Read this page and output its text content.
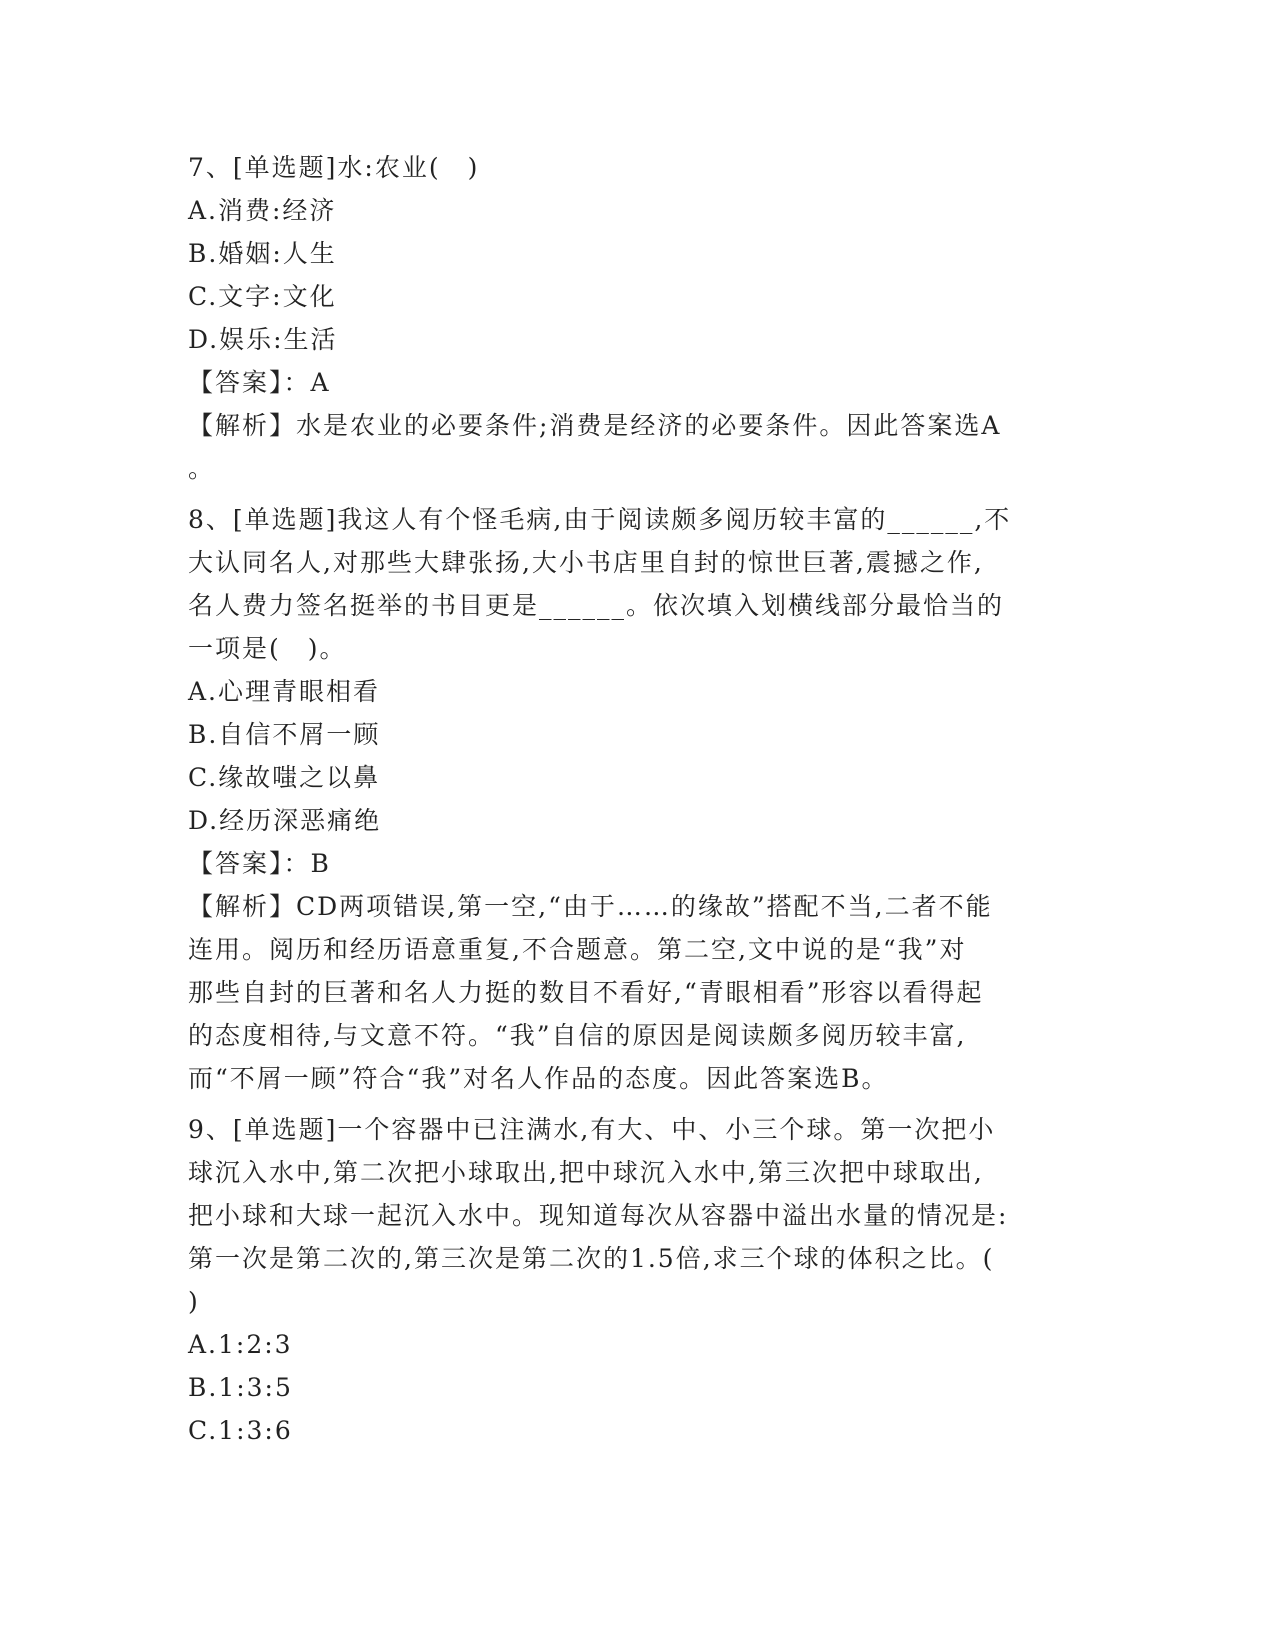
7、[单选题]水:农业(　)
A.消费:经济
B.婚姻:人生
C.文字:文化
D.娱乐:生活
【答案】：A
【解析】水是农业的必要条件;消费是经济的必要条件。因此答案选A
。
8、[单选题]我这人有个怪毛病,由于阅读颇多阅历较丰富的______,不
大认同名人,对那些大肆张扬,大小书店里自封的惊世巨著,震撼之作,
名人费力签名挺举的书目更是______。依次填入划横线部分最恰当的
一项是(　)。
A.心理青眼相看
B.自信不屑一顾
C.缘故嗤之以鼻
D.经历深恶痛绝
【答案】：B
【解析】CD两项错误,第一空,“由于……的缘故”搭配不当,二者不能
连用。阅历和经历语意重复,不合题意。第二空,文中说的是“我”对
那些自封的巨著和名人力挺的数目不看好,“青眼相看”形容以看得起
的态度相待,与文意不符。“我”自信的原因是阅读颇多阅历较丰富,
而“不屑一顾”符合“我”对名人作品的态度。因此答案选B。
9、[单选题]一个容器中已注满水,有大、中、小三个球。第一次把小
球沉入水中,第二次把小球取出,把中球沉入水中,第三次把中球取出,
把小球和大球一起沉入水中。现知道每次从容器中溢出水量的情况是:
第一次是第二次的,第三次是第二次的1.5倍,求三个球的体积之比。(
)
A.1:2:3
B.1:3:5
C.1:3:6
